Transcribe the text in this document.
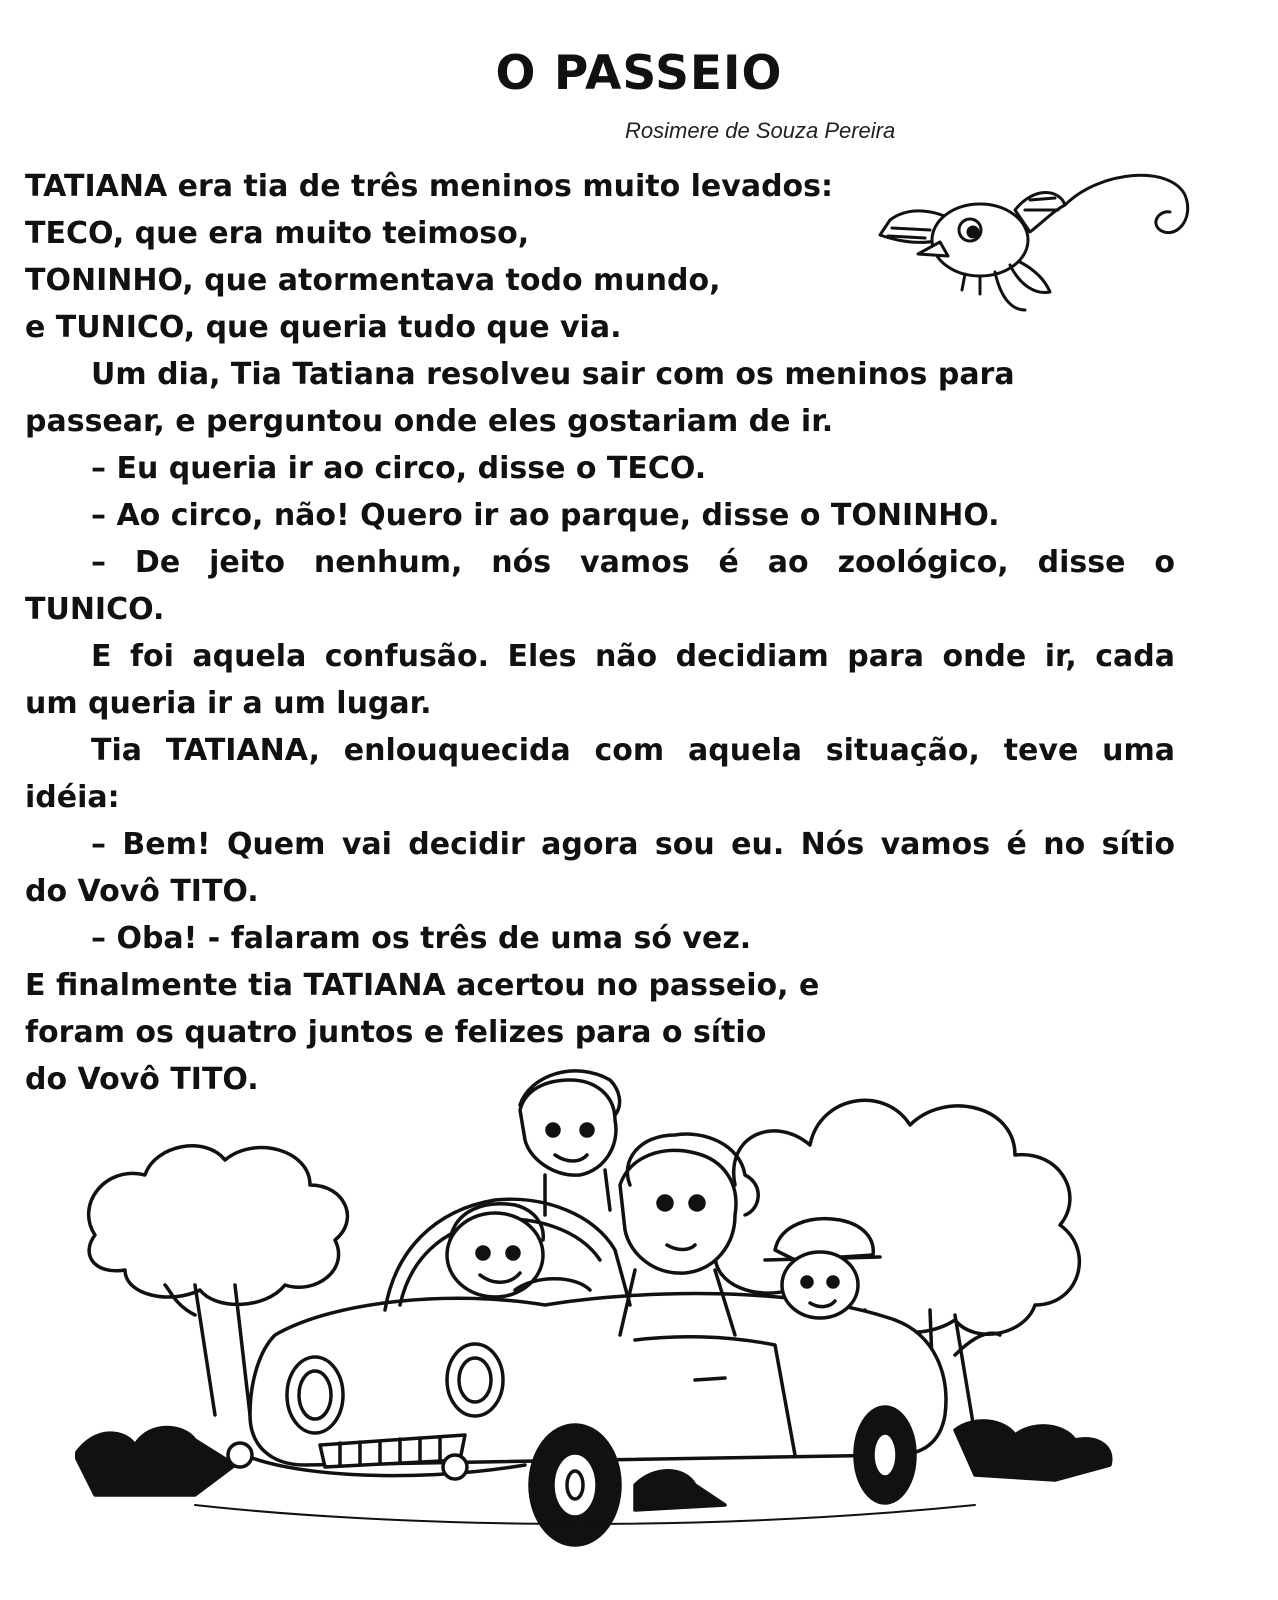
O PASSEIO
Rosimere de Souza Pereira
TATIANA era tia de três meninos muito levados:
TECO, que era muito teimoso,
TONINHO, que atormentava todo mundo,
e TUNICO, que queria tudo que via.
Um dia, Tia Tatiana resolveu sair com os meninos para
passear, e perguntou onde eles gostariam de ir.
– Eu queria ir ao circo, disse o TECO.
– Ao circo, não! Quero ir ao parque, disse o TONINHO.
– De jeito nenhum, nós vamos é ao zoológico, disse o
TUNICO.
E foi aquela confusão. Eles não decidiam para onde ir, cada
um queria ir a um lugar.
Tia TATIANA, enlouquecida com aquela situação, teve uma
idéia:
– Bem! Quem vai decidir agora sou eu. Nós vamos é no sítio
do Vovô TITO.
– Oba! - falaram os três de uma só vez.
E finalmente tia TATIANA acertou no passeio, e
foram os quatro juntos e felizes para o sítio
do Vovô TITO.
